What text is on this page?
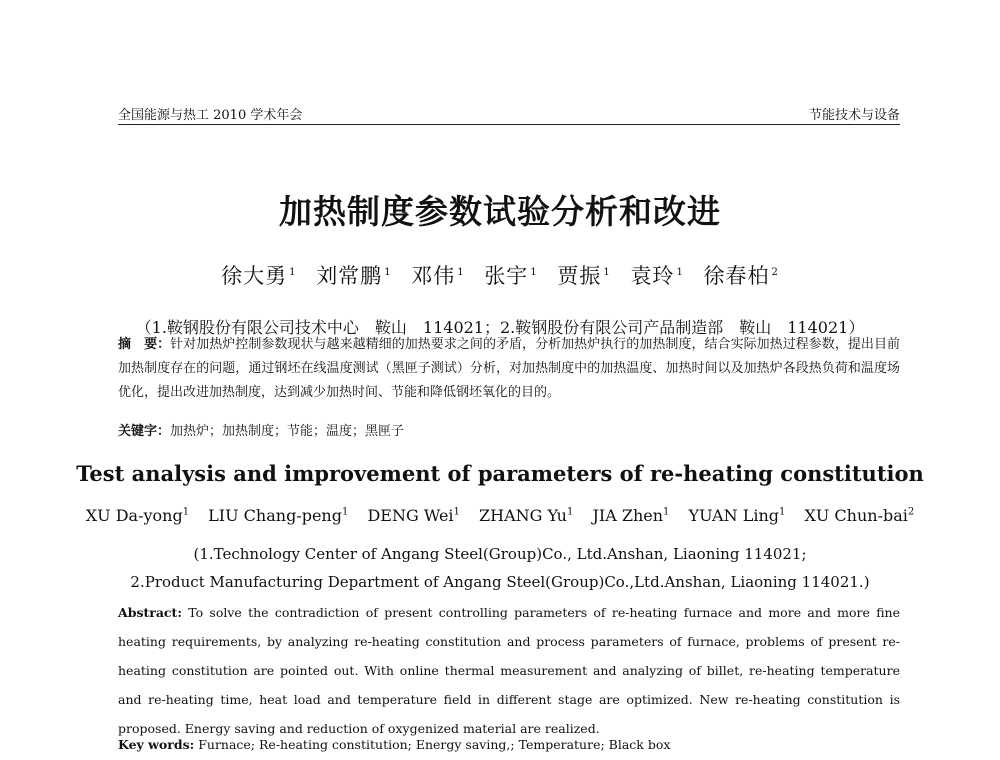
全国能源与热工 2010 学术年会	节能技术与设备
加热制度参数试验分析和改进
徐大勇 $^1$ 刘常鹏 $^1$ 邓伟 $^1$ 张宇 $^1$ 贾振 $^1$ 袁玲 $^1$ 徐春柏 $^2$
（1.鞍钢股份有限公司技术中心　鞍山　114021；2.鞍钢股份有限公司产品制造部　鞍山　114021）
摘　要：针对加热炉控制参数现状与越来越精细的加热要求之间的矛盾，分析加热炉执行的加热制度，结合实际加热过程参数，提出目前加热制度存在的问题，通过钢坯在线温度测试（黑匣子测试）分析，对加热制度中的加热温度、加热时间以及加热炉各段热负荷和温度场优化，提出改进加热制度，达到减少加热时间、节能和降低钢坯氧化的目的。
关键字：加热炉；加热制度；节能；温度；黑匣子
Test analysis and improvement of parameters of re-heating constitution
XU Da-yong$^1$ LIU Chang-peng$^1$ DENG Wei$^1$ ZHANG Yu$^1$ JIA Zhen$^1$ YUAN Ling$^1$ XU Chun-bai$^2$
(1.Technology Center of Angang Steel(Group)Co., Ltd.Anshan, Liaoning 114021;
2.Product Manufacturing Department of Angang Steel(Group)Co.,Ltd.Anshan, Liaoning 114021.)
Abstract: To solve the contradiction of present controlling parameters of re-heating furnace and more and more fine heating requirements, by analyzing re-heating constitution and process parameters of furnace, problems of present re-heating constitution are pointed out. With online thermal measurement and analyzing of billet, re-heating temperature and re-heating time, heat load and temperature field in different stage are optimized. New re-heating constitution is proposed. Energy saving and reduction of oxygenized material are realized.
Key words: Furnace; Re-heating constitution; Energy saving,; Temperature; Black box
